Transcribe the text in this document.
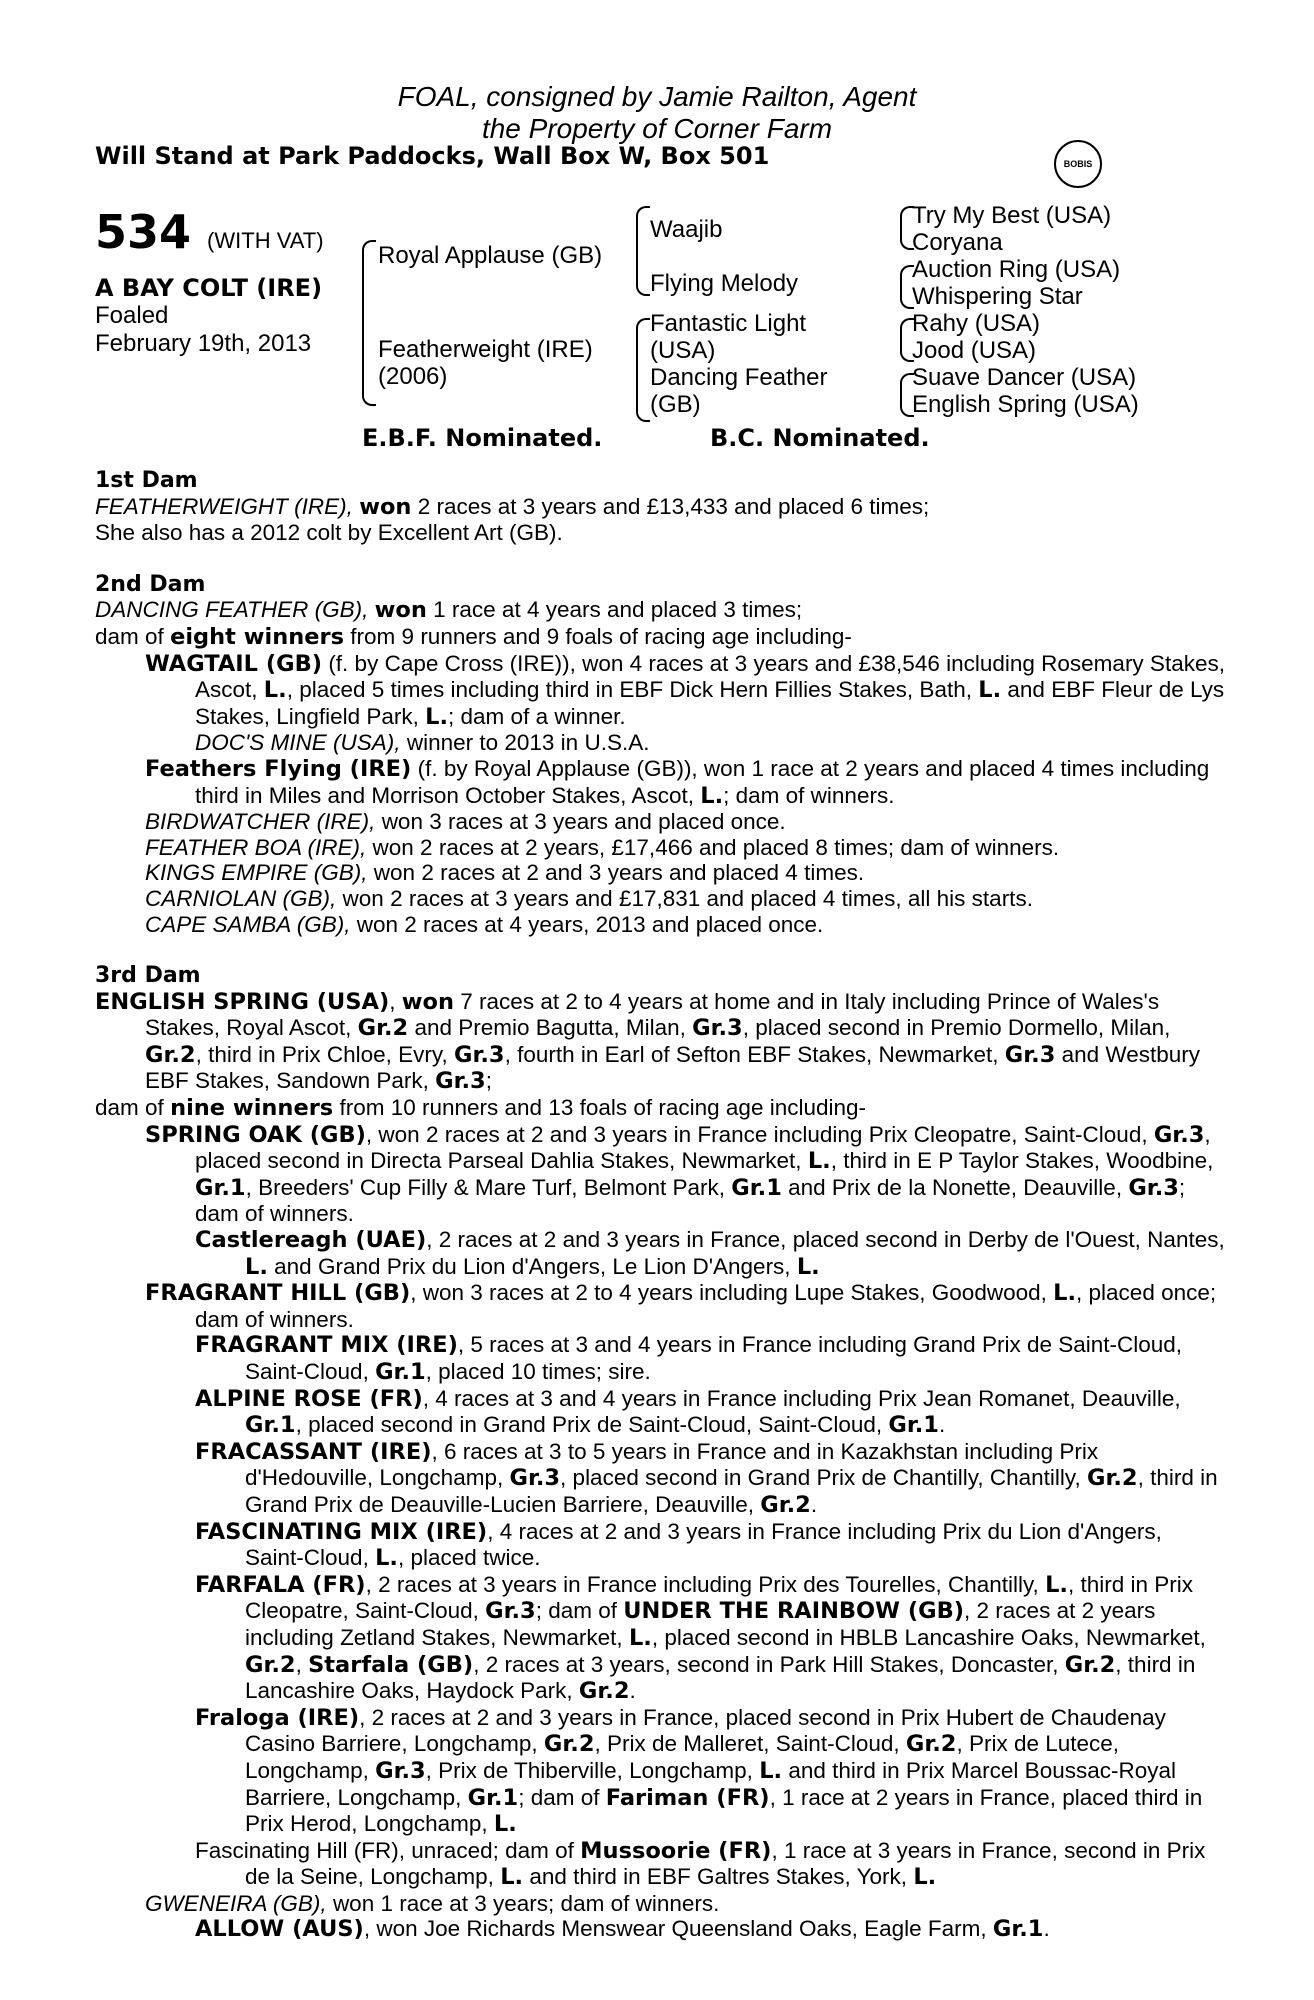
FOAL, consigned by Jamie Railton, Agent
the Property of Corner Farm
Will Stand at Park Paddocks, Wall Box W, Box 501	BOBIS
534 (WITH VAT)
A BAY COLT (IRE)
Foaled
February 19th, 2013
Royal Applause (GB)
Featherweight (IRE)
(2006)
Waajib
Flying Melody
Fantastic Light
(USA)
Dancing Feather
(GB)
Try My Best (USA)
Coryana
Auction Ring (USA)
Whispering Star
Rahy (USA)
Jood (USA)
Suave Dancer (USA)
English Spring (USA)
E.B.F. Nominated.	B.C. Nominated.
1st Dam
FEATHERWEIGHT (IRE), won 2 races at 3 years and £13,433 and placed 6 times;
She also has a 2012 colt by Excellent Art (GB).
2nd Dam
DANCING FEATHER (GB), won 1 race at 4 years and placed 3 times;
dam of eight winners from 9 runners and 9 foals of racing age including-
WAGTAIL (GB) (f. by Cape Cross (IRE)), won 4 races at 3 years and £38,546 including Rosemary Stakes, Ascot, L., placed 5 times including third in EBF Dick Hern Fillies Stakes, Bath, L. and EBF Fleur de Lys Stakes, Lingfield Park, L.; dam of a winner.
DOC'S MINE (USA), winner to 2013 in U.S.A.
Feathers Flying (IRE) (f. by Royal Applause (GB)), won 1 race at 2 years and placed 4 times including third in Miles and Morrison October Stakes, Ascot, L.; dam of winners.
BIRDWATCHER (IRE), won 3 races at 3 years and placed once.
FEATHER BOA (IRE), won 2 races at 2 years, £17,466 and placed 8 times; dam of winners.
KINGS EMPIRE (GB), won 2 races at 2 and 3 years and placed 4 times.
CARNIOLAN (GB), won 2 races at 3 years and £17,831 and placed 4 times, all his starts.
CAPE SAMBA (GB), won 2 races at 4 years, 2013 and placed once.
3rd Dam
ENGLISH SPRING (USA), won 7 races at 2 to 4 years at home and in Italy including Prince of Wales's Stakes, Royal Ascot, Gr.2 and Premio Bagutta, Milan, Gr.3, placed second in Premio Dormello, Milan, Gr.2, third in Prix Chloe, Evry, Gr.3, fourth in Earl of Sefton EBF Stakes, Newmarket, Gr.3 and Westbury EBF Stakes, Sandown Park, Gr.3;
dam of nine winners from 10 runners and 13 foals of racing age including-
SPRING OAK (GB), won 2 races at 2 and 3 years in France including Prix Cleopatre, Saint-Cloud, Gr.3, placed second in Directa Parseal Dahlia Stakes, Newmarket, L., third in E P Taylor Stakes, Woodbine, Gr.1, Breeders' Cup Filly & Mare Turf, Belmont Park, Gr.1 and Prix de la Nonette, Deauville, Gr.3; dam of winners.
Castlereagh (UAE), 2 races at 2 and 3 years in France, placed second in Derby de l'Ouest, Nantes, L. and Grand Prix du Lion d'Angers, Le Lion D'Angers, L.
FRAGRANT HILL (GB), won 3 races at 2 to 4 years including Lupe Stakes, Goodwood, L., placed once; dam of winners.
FRAGRANT MIX (IRE), 5 races at 3 and 4 years in France including Grand Prix de Saint-Cloud, Saint-Cloud, Gr.1, placed 10 times; sire.
ALPINE ROSE (FR), 4 races at 3 and 4 years in France including Prix Jean Romanet, Deauville, Gr.1, placed second in Grand Prix de Saint-Cloud, Saint-Cloud, Gr.1.
FRACASSANT (IRE), 6 races at 3 to 5 years in France and in Kazakhstan including Prix d'Hedouville, Longchamp, Gr.3, placed second in Grand Prix de Chantilly, Chantilly, Gr.2, third in Grand Prix de Deauville-Lucien Barriere, Deauville, Gr.2.
FASCINATING MIX (IRE), 4 races at 2 and 3 years in France including Prix du Lion d'Angers, Saint-Cloud, L., placed twice.
FARFALA (FR), 2 races at 3 years in France including Prix des Tourelles, Chantilly, L., third in Prix Cleopatre, Saint-Cloud, Gr.3; dam of UNDER THE RAINBOW (GB), 2 races at 2 years including Zetland Stakes, Newmarket, L., placed second in HBLB Lancashire Oaks, Newmarket, Gr.2, Starfala (GB), 2 races at 3 years, second in Park Hill Stakes, Doncaster, Gr.2, third in Lancashire Oaks, Haydock Park, Gr.2.
Fraloga (IRE), 2 races at 2 and 3 years in France, placed second in Prix Hubert de Chaudenay Casino Barriere, Longchamp, Gr.2, Prix de Malleret, Saint-Cloud, Gr.2, Prix de Lutece, Longchamp, Gr.3, Prix de Thiberville, Longchamp, L. and third in Prix Marcel Boussac-Royal Barriere, Longchamp, Gr.1; dam of Fariman (FR), 1 race at 2 years in France, placed third in Prix Herod, Longchamp, L.
Fascinating Hill (FR), unraced; dam of Mussoorie (FR), 1 race at 3 years in France, second in Prix de la Seine, Longchamp, L. and third in EBF Galtres Stakes, York, L.
GWENEIRA (GB), won 1 race at 3 years; dam of winners.
ALLOW (AUS), won Joe Richards Menswear Queensland Oaks, Eagle Farm, Gr.1.
